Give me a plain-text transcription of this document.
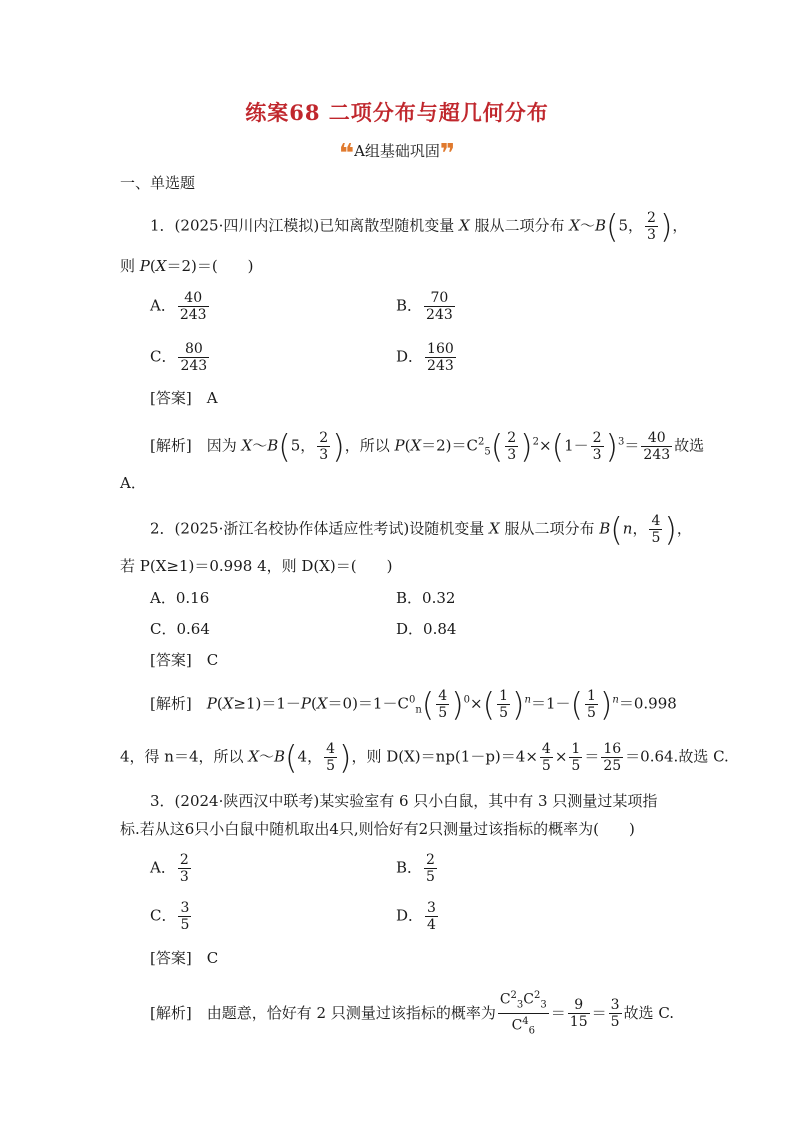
练案68 二项分布与超几何分布
❝A组基础巩固❞
一、单选题
1．(2025·四川内江模拟)已知离散型随机变量 X 服从二项分布 X～B(5， $\frac{2}{3}$ )，
则 P(X＝2)＝(　　)
A． $\frac{40}{243}$	B． $\frac{70}{243}$
C． $\frac{80}{243}$	D． $\frac{160}{243}$
[答案]　 A
[解析]　 因为 X～B(5， $\frac{2}{3}$ )，所以 $P(X=2)=C^2_5( \frac{2}{3} )^2\times(1- \frac{2}{3} )^3= \frac{40}{243}$ 故选
A．
2．(2025·浙江名校协作体适应性考试)设随机变量 X 服从二项分布 B(n， $\frac{4}{5}$ )，
若 P(X≥1)＝0.998 4，则 D(X)＝(　　)
A．0.16	B．0.32
C．0.64	D．0.84
[答案]　 C
[解析]　 $P(X\ge 1)=1-P(X=0)=1-C^0_n( \frac{4}{5} )^0\times( \frac{1}{5} )^n=1-( \frac{1}{5} )^n=0.998$
4，得 n＝4，所以 X～B(4， $\frac{4}{5}$ )，则 $D(X)=np(1-p)=4\times \frac{4}{5} \times \frac{1}{5} = \frac{16}{25} =0.64$.故选 C.
3．(2024·陕西汉中联考)某实验室有 6 只小白鼠，其中有 3 只测量过某项指
标.若从这6只小白鼠中随机取出4只,则恰好有2只测量过该指标的概率为(　　)
A． $\frac{2}{3}$	B． $\frac{2}{5}$
C． $\frac{3}{5}$	D． $\frac{3}{4}$
[答案]　 C
[解析]　 由题意，恰好有 2 只测量过该指标的概率为 $\frac{C^2_3C^2_3}{C^4_6} = \frac{9}{15} = \frac{3}{5}$ 故选 C.
